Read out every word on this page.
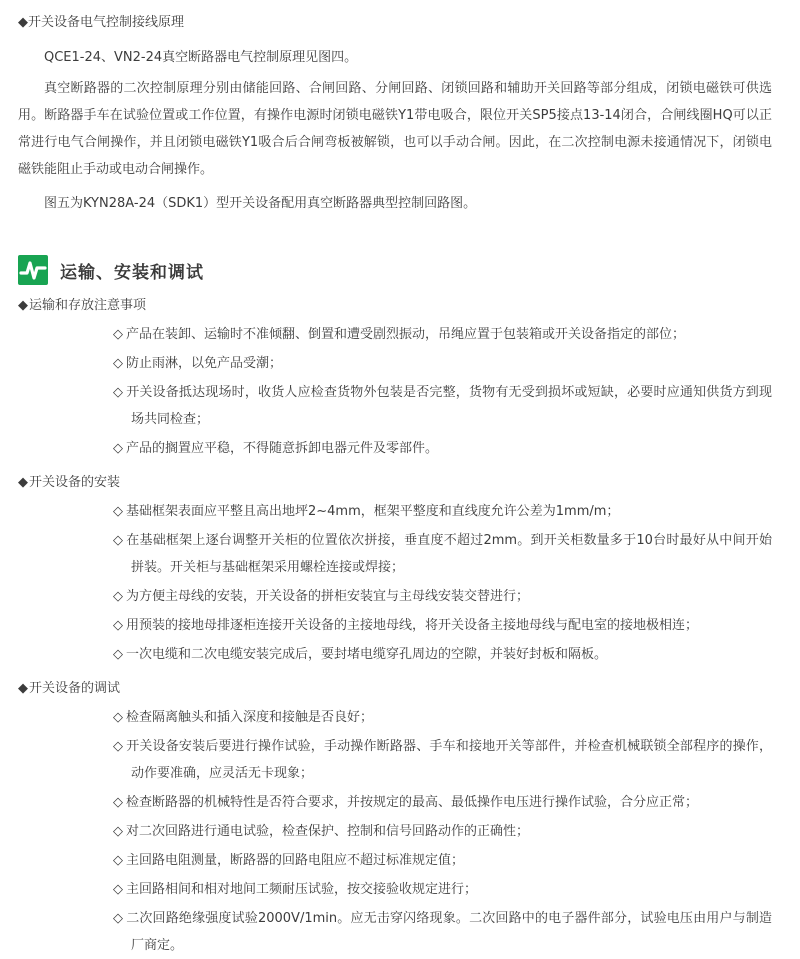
◆开关设备电气控制接线原理
QCE1-24、VN2-24真空断路器电气控制原理见图四。
真空断路器的二次控制原理分别由储能回路、合闸回路、分闸回路、闭锁回路和辅助开关回路等部分组成，闭锁电磁铁可供选用。断路器手车在试验位置或工作位置，有操作电源时闭锁电磁铁Y1带电吸合，限位开关SP5接点13-14闭合，合闸线圈HQ可以正常进行电气合闸操作，并且闭锁电磁铁Y1吸合后合闸弯板被解锁，也可以手动合闸。因此，在二次控制电源未接通情况下，闭锁电磁铁能阻止手动或电动合闸操作。
图五为KYN28A-24（SDK1）型开关设备配用真空断路器典型控制回路图。
运输、安装和调试
◆运输和存放注意事项
◇ 产品在装卸、运输时不准倾翻、倒置和遭受剧烈振动，吊绳应置于包装箱或开关设备指定的部位；
◇ 防止雨淋，以免产品受潮；
◇ 开关设备抵达现场时，收货人应检查货物外包装是否完整，货物有无受到损坏或短缺，必要时应通知供货方到现场共同检查；
◇ 产品的搁置应平稳，不得随意拆卸电器元件及零部件。
◆开关设备的安装
◇ 基础框架表面应平整且高出地坪2~4mm，框架平整度和直线度允许公差为1mm/m；
◇ 在基础框架上逐台调整开关柜的位置依次拼接，垂直度不超过2mm。到开关柜数量多于10台时最好从中间开始拼装。开关柜与基础框架采用螺栓连接或焊接；
◇ 为方便主母线的安装，开关设备的拼柜安装宜与主母线安装交替进行；
◇ 用预装的接地母排逐柜连接开关设备的主接地母线，将开关设备主接地母线与配电室的接地极相连；
◇ 一次电缆和二次电缆安装完成后，要封堵电缆穿孔周边的空隙，并装好封板和隔板。
◆开关设备的调试
◇ 检查隔离触头和插入深度和接触是否良好；
◇ 开关设备安装后要进行操作试验，手动操作断路器、手车和接地开关等部件，并检查机械联锁全部程序的操作，动作要准确，应灵活无卡现象；
◇ 检查断路器的机械特性是否符合要求，并按规定的最高、最低操作电压进行操作试验，合分应正常；
◇ 对二次回路进行通电试验，检查保护、控制和信号回路动作的正确性；
◇ 主回路电阻测量，断路器的回路电阻应不超过标准规定值；
◇ 主回路相间和相对地间工频耐压试验，按交接验收规定进行；
◇ 二次回路绝缘强度试验2000V/1min。应无击穿闪络现象。二次回路中的电子器件部分，试验电压由用户与制造厂商定。
